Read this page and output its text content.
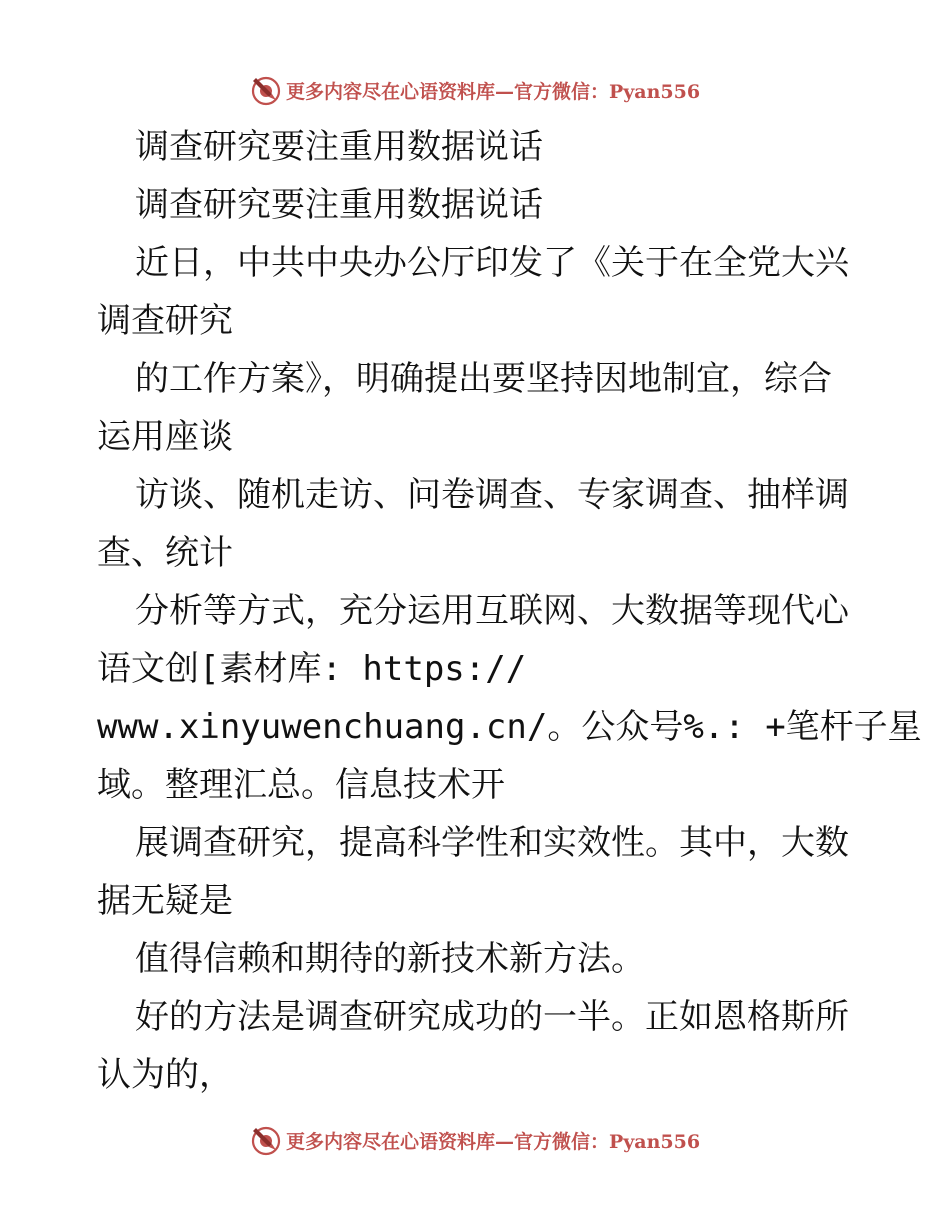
更多内容尽在心语资料库—官方微信：Pyan556
调查研究要注重用数据说话
调查研究要注重用数据说话
近日，中共中央办公厅印发了《关于在全党大兴
调查研究
的工作方案》，明确提出要坚持因地制宜，综合
运用座谈
访谈、随机走访、问卷调查、专家调查、抽样调
查、统计
分析等方式，充分运用互联网、大数据等现代心
语文创[素材库: https://
www.xinyuwenchuang.cn/。公众号%.: +笔杆子星
域。整理汇总。信息技术开
展调查研究，提高科学性和实效性。其中，大数
据无疑是
值得信赖和期待的新技术新方法。
好的方法是调查研究成功的一半。正如恩格斯所
认为的，
更多内容尽在心语资料库—官方微信：Pyan556
